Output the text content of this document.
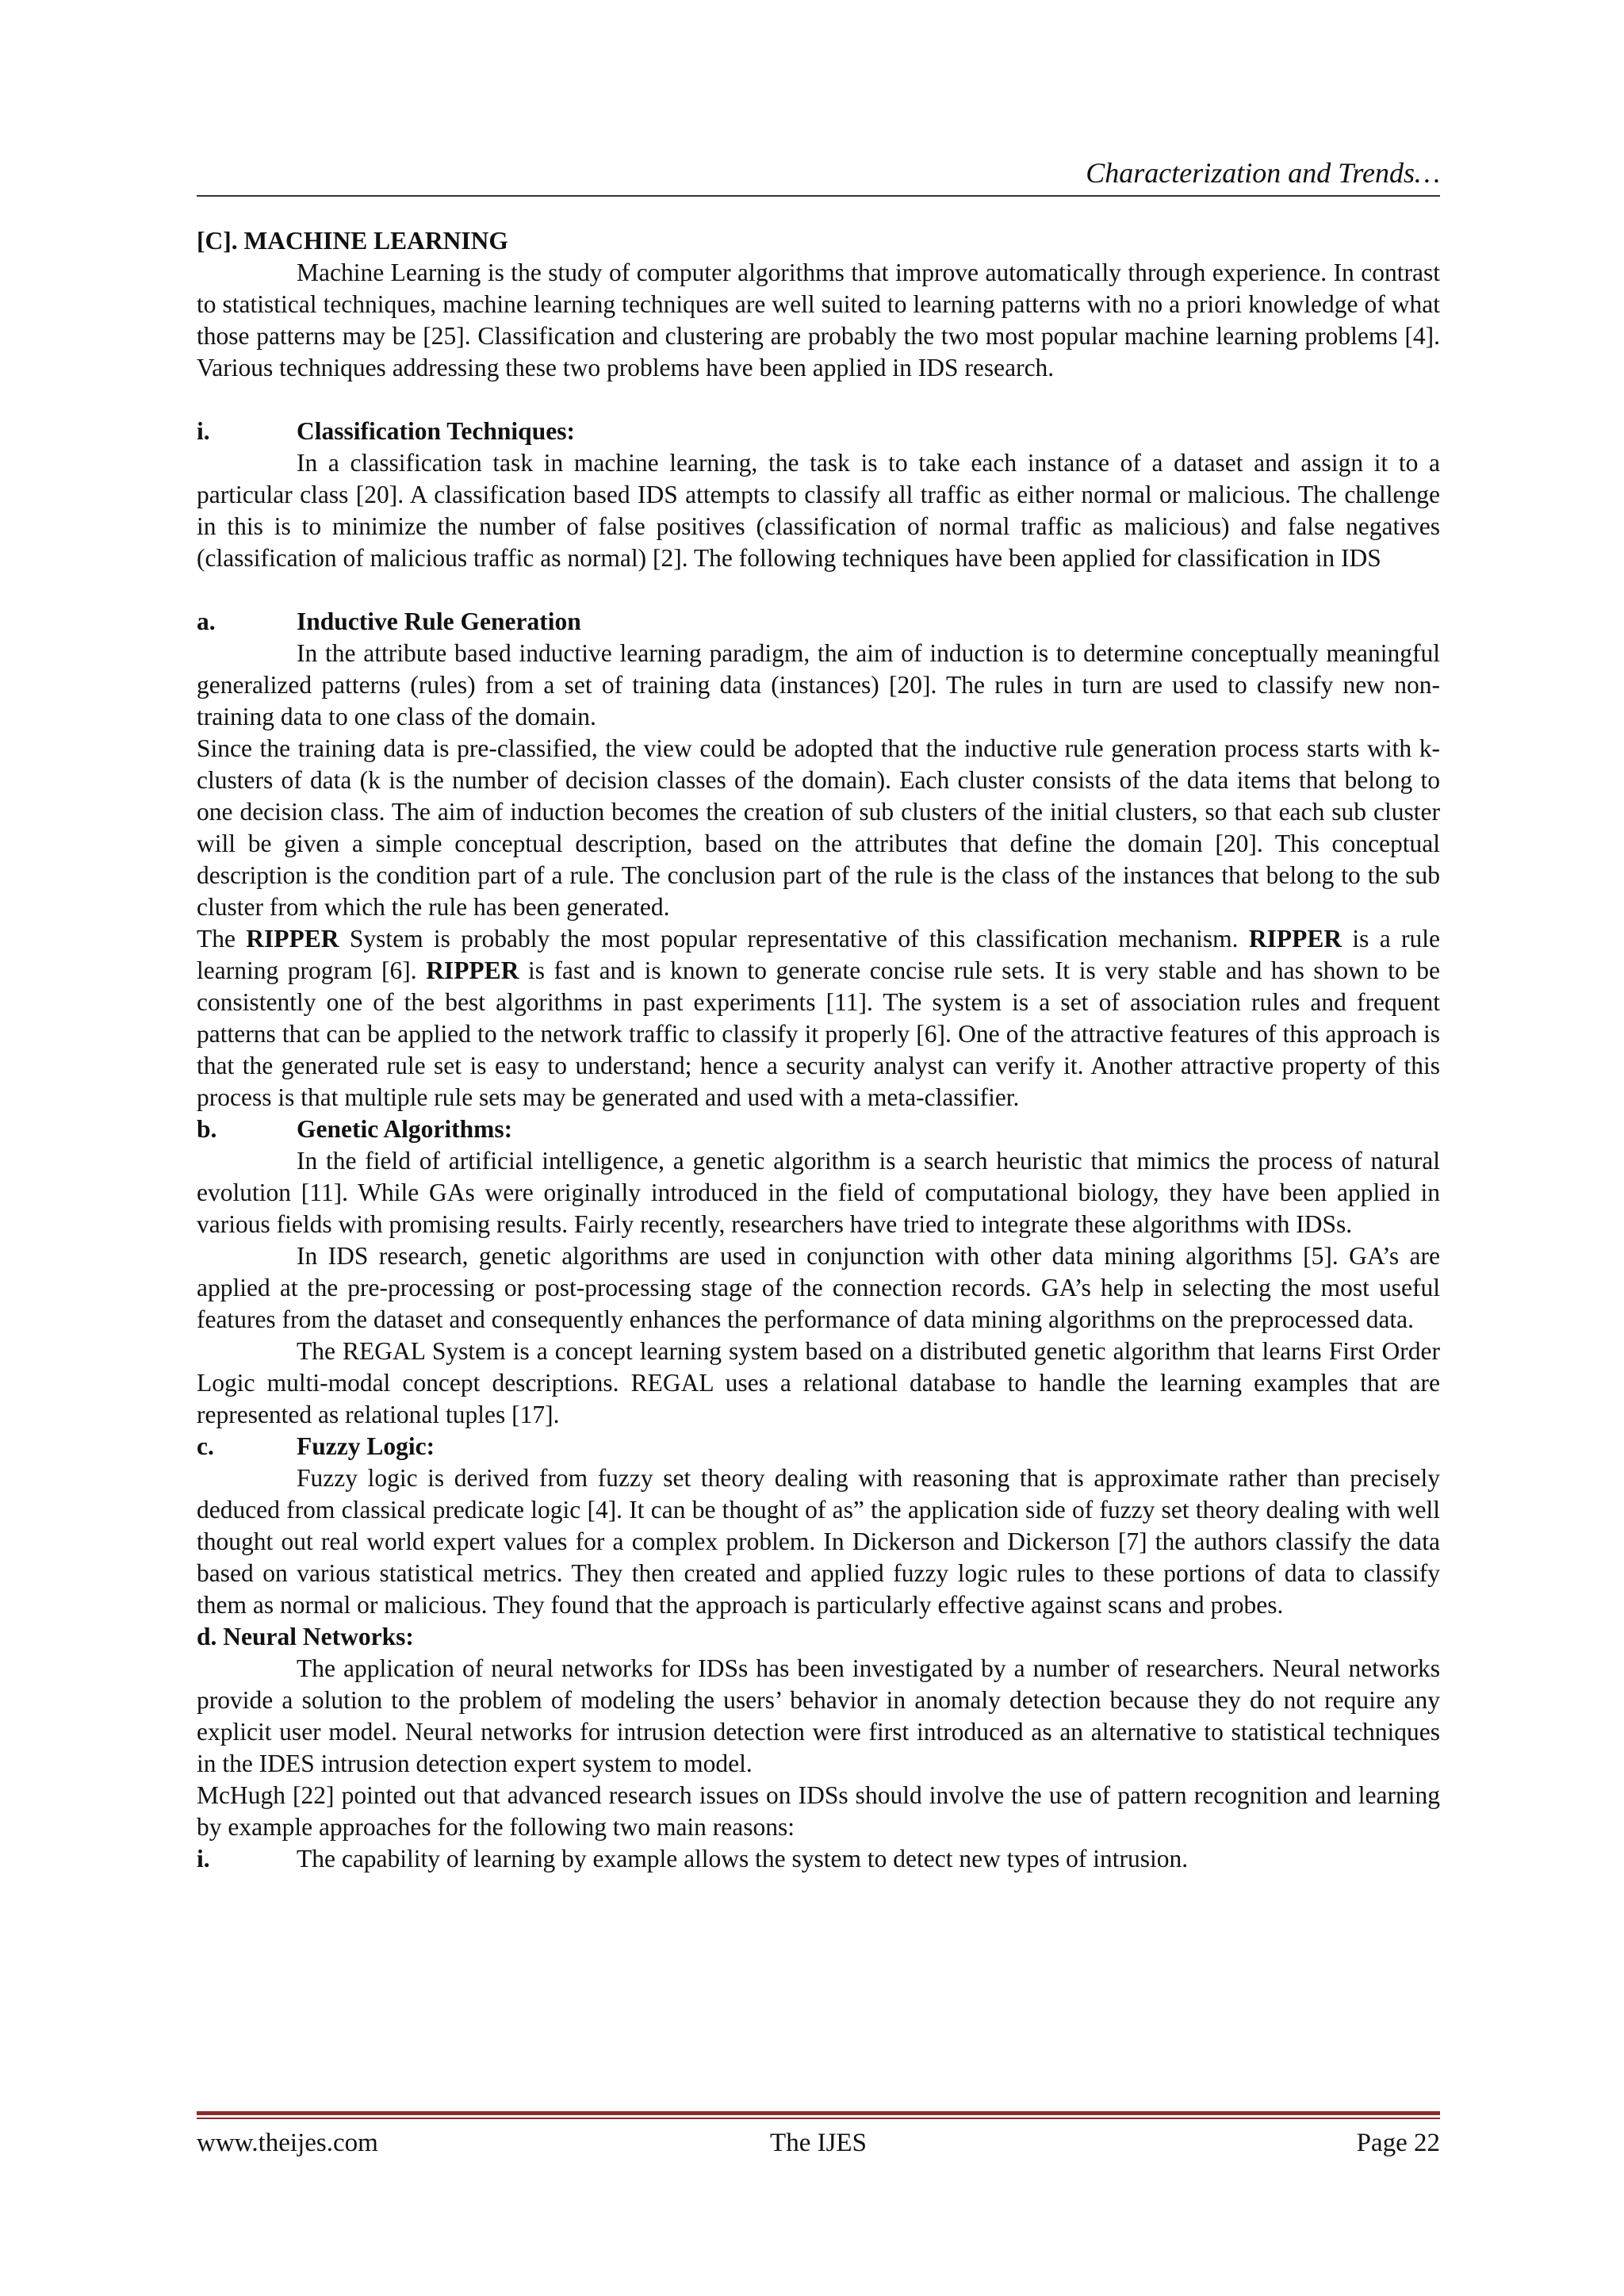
Characterization and Trends…

[C]. MACHINE LEARNING

Machine Learning is the study of computer algorithms that improve automatically through experience. In contrast to statistical techniques, machine learning techniques are well suited to learning patterns with no a priori knowledge of what those patterns may be [25]. Classification and clustering are probably the two most popular machine learning problems [4]. Various techniques addressing these two problems have been applied in IDS research.

i.	Classification Techniques:

In a classification task in machine learning, the task is to take each instance of a dataset and assign it to a particular class [20]. A classification based IDS attempts to classify all traffic as either normal or malicious. The challenge in this is to minimize the number of false positives (classification of normal traffic as malicious) and false negatives (classification of malicious traffic as normal) [2]. The following techniques have been applied for classification in IDS

a.	Inductive Rule Generation

In the attribute based inductive learning paradigm, the aim of induction is to determine conceptually meaningful generalized patterns (rules) from a set of training data (instances) [20]. The rules in turn are used to classify new non-training data to one class of the domain.

Since the training data is pre-classified, the view could be adopted that the inductive rule generation process starts with k-clusters of data (k is the number of decision classes of the domain). Each cluster consists of the data items that belong to one decision class. The aim of induction becomes the creation of sub clusters of the initial clusters, so that each sub cluster will be given a simple conceptual description, based on the attributes that define the domain [20]. This conceptual description is the condition part of a rule. The conclusion part of the rule is the class of the instances that belong to the sub cluster from which the rule has been generated.

The RIPPER System is probably the most popular representative of this classification mechanism. RIPPER is a rule learning program [6]. RIPPER is fast and is known to generate concise rule sets. It is very stable and has shown to be consistently one of the best algorithms in past experiments [11]. The system is a set of association rules and frequent patterns that can be applied to the network traffic to classify it properly [6]. One of the attractive features of this approach is that the generated rule set is easy to understand; hence a security analyst can verify it. Another attractive property of this process is that multiple rule sets may be generated and used with a meta-classifier.

b.	Genetic Algorithms:

In the field of artificial intelligence, a genetic algorithm is a search heuristic that mimics the process of natural evolution [11]. While GAs were originally introduced in the field of computational biology, they have been applied in various fields with promising results. Fairly recently, researchers have tried to integrate these algorithms with IDSs.

In IDS research, genetic algorithms are used in conjunction with other data mining algorithms [5]. GA’s are applied at the pre-processing or post-processing stage of the connection records. GA’s help in selecting the most useful features from the dataset and consequently enhances the performance of data mining algorithms on the preprocessed data.

The REGAL System is a concept learning system based on a distributed genetic algorithm that learns First Order Logic multi-modal concept descriptions. REGAL uses a relational database to handle the learning examples that are represented as relational tuples [17].

c.	Fuzzy Logic:

Fuzzy logic is derived from fuzzy set theory dealing with reasoning that is approximate rather than precisely deduced from classical predicate logic [4]. It can be thought of as” the application side of fuzzy set theory dealing with well thought out real world expert values for a complex problem. In Dickerson and Dickerson [7] the authors classify the data based on various statistical metrics. They then created and applied fuzzy logic rules to these portions of data to classify them as normal or malicious. They found that the approach is particularly effective against scans and probes.

d. Neural Networks:

The application of neural networks for IDSs has been investigated by a number of researchers. Neural networks provide a solution to the problem of modeling the users’ behavior in anomaly detection because they do not require any explicit user model. Neural networks for intrusion detection were first introduced as an alternative to statistical techniques in the IDES intrusion detection expert system to model.

McHugh [22] pointed out that advanced research issues on IDSs should involve the use of pattern recognition and learning by example approaches for the following two main reasons:

i.	The capability of learning by example allows the system to detect new types of intrusion.
www.theijes.com	The IJES	Page 22
